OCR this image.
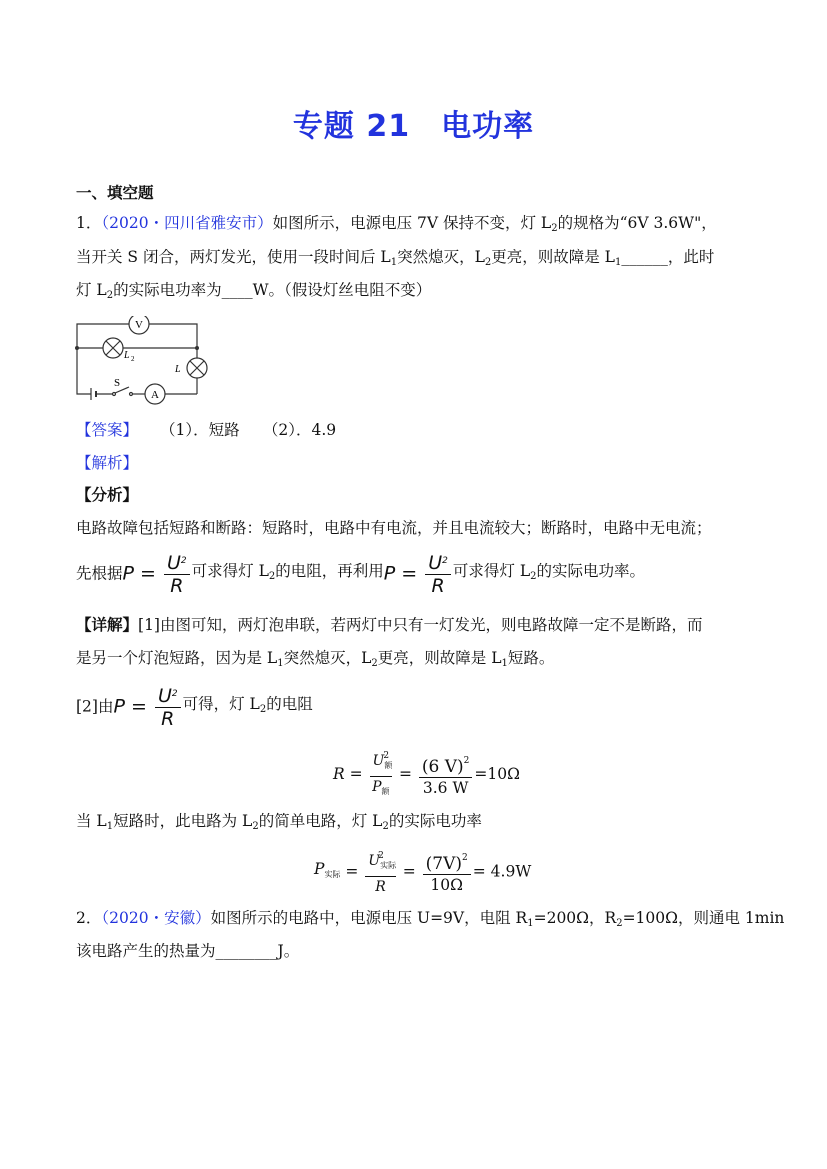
专题 21　电功率
一、填空题
1．（2020・四川省雅安市）如图所示，电源电压 7V 保持不变，灯 $L_2$的规格为“6V 3.6W"，
当开关 S 闭合，两灯发光，使用一段时间后 $L_1$突然熄灭，$L_2$更亮，则故障是 $L_1\_\_\_\_\_\_$，此时
灯 $L_2$的实际电功率为____W。（假设灯丝电阻不变）
V
A
S
L 2
L
【答案】 （1）．短路　　（2）．4.9
【解析】
【分析】
电路故障包括短路和断路：短路时，电路中有电流，并且电流较大；断路时，电路中无电流；
先根据$P = \frac{U^2}{R}$ 可求得灯 $L_2$的电阻，再利用$P = \frac{U^2}{R}$ 可求得灯 $L_2$的实际电功率。
【详解】[1]由图可知，两灯泡串联，若两灯中只有一灯发光，则电路故障一定不是断路，而
是另一个灯泡短路，因为是 $L_1$突然熄灭，$L_2$更亮，则故障是 $L_1$短路。
[2]由$P = \frac{U^2}{R}$ 可得，灯 $L_2$的电阻
$R = \frac{U_额^2}{P_额} = \frac{(6 V)^2}{3.6 W} =10\Omega$
当 $L_1$短路时，此电路为 $L_2$的简单电路，灯 $L_2$的实际电功率
$P_{实际} = \frac{U_{实际}^2}{R} = \frac{(7V)^2}{10\Omega} = 4.9W$
2．（2020・安徽）如图所示的电路中，电源电压 U=9V，电阻 $R_1=200\Omega$，$R_2=100\Omega$，则通电 1min
该电路产生的热量为________J。
